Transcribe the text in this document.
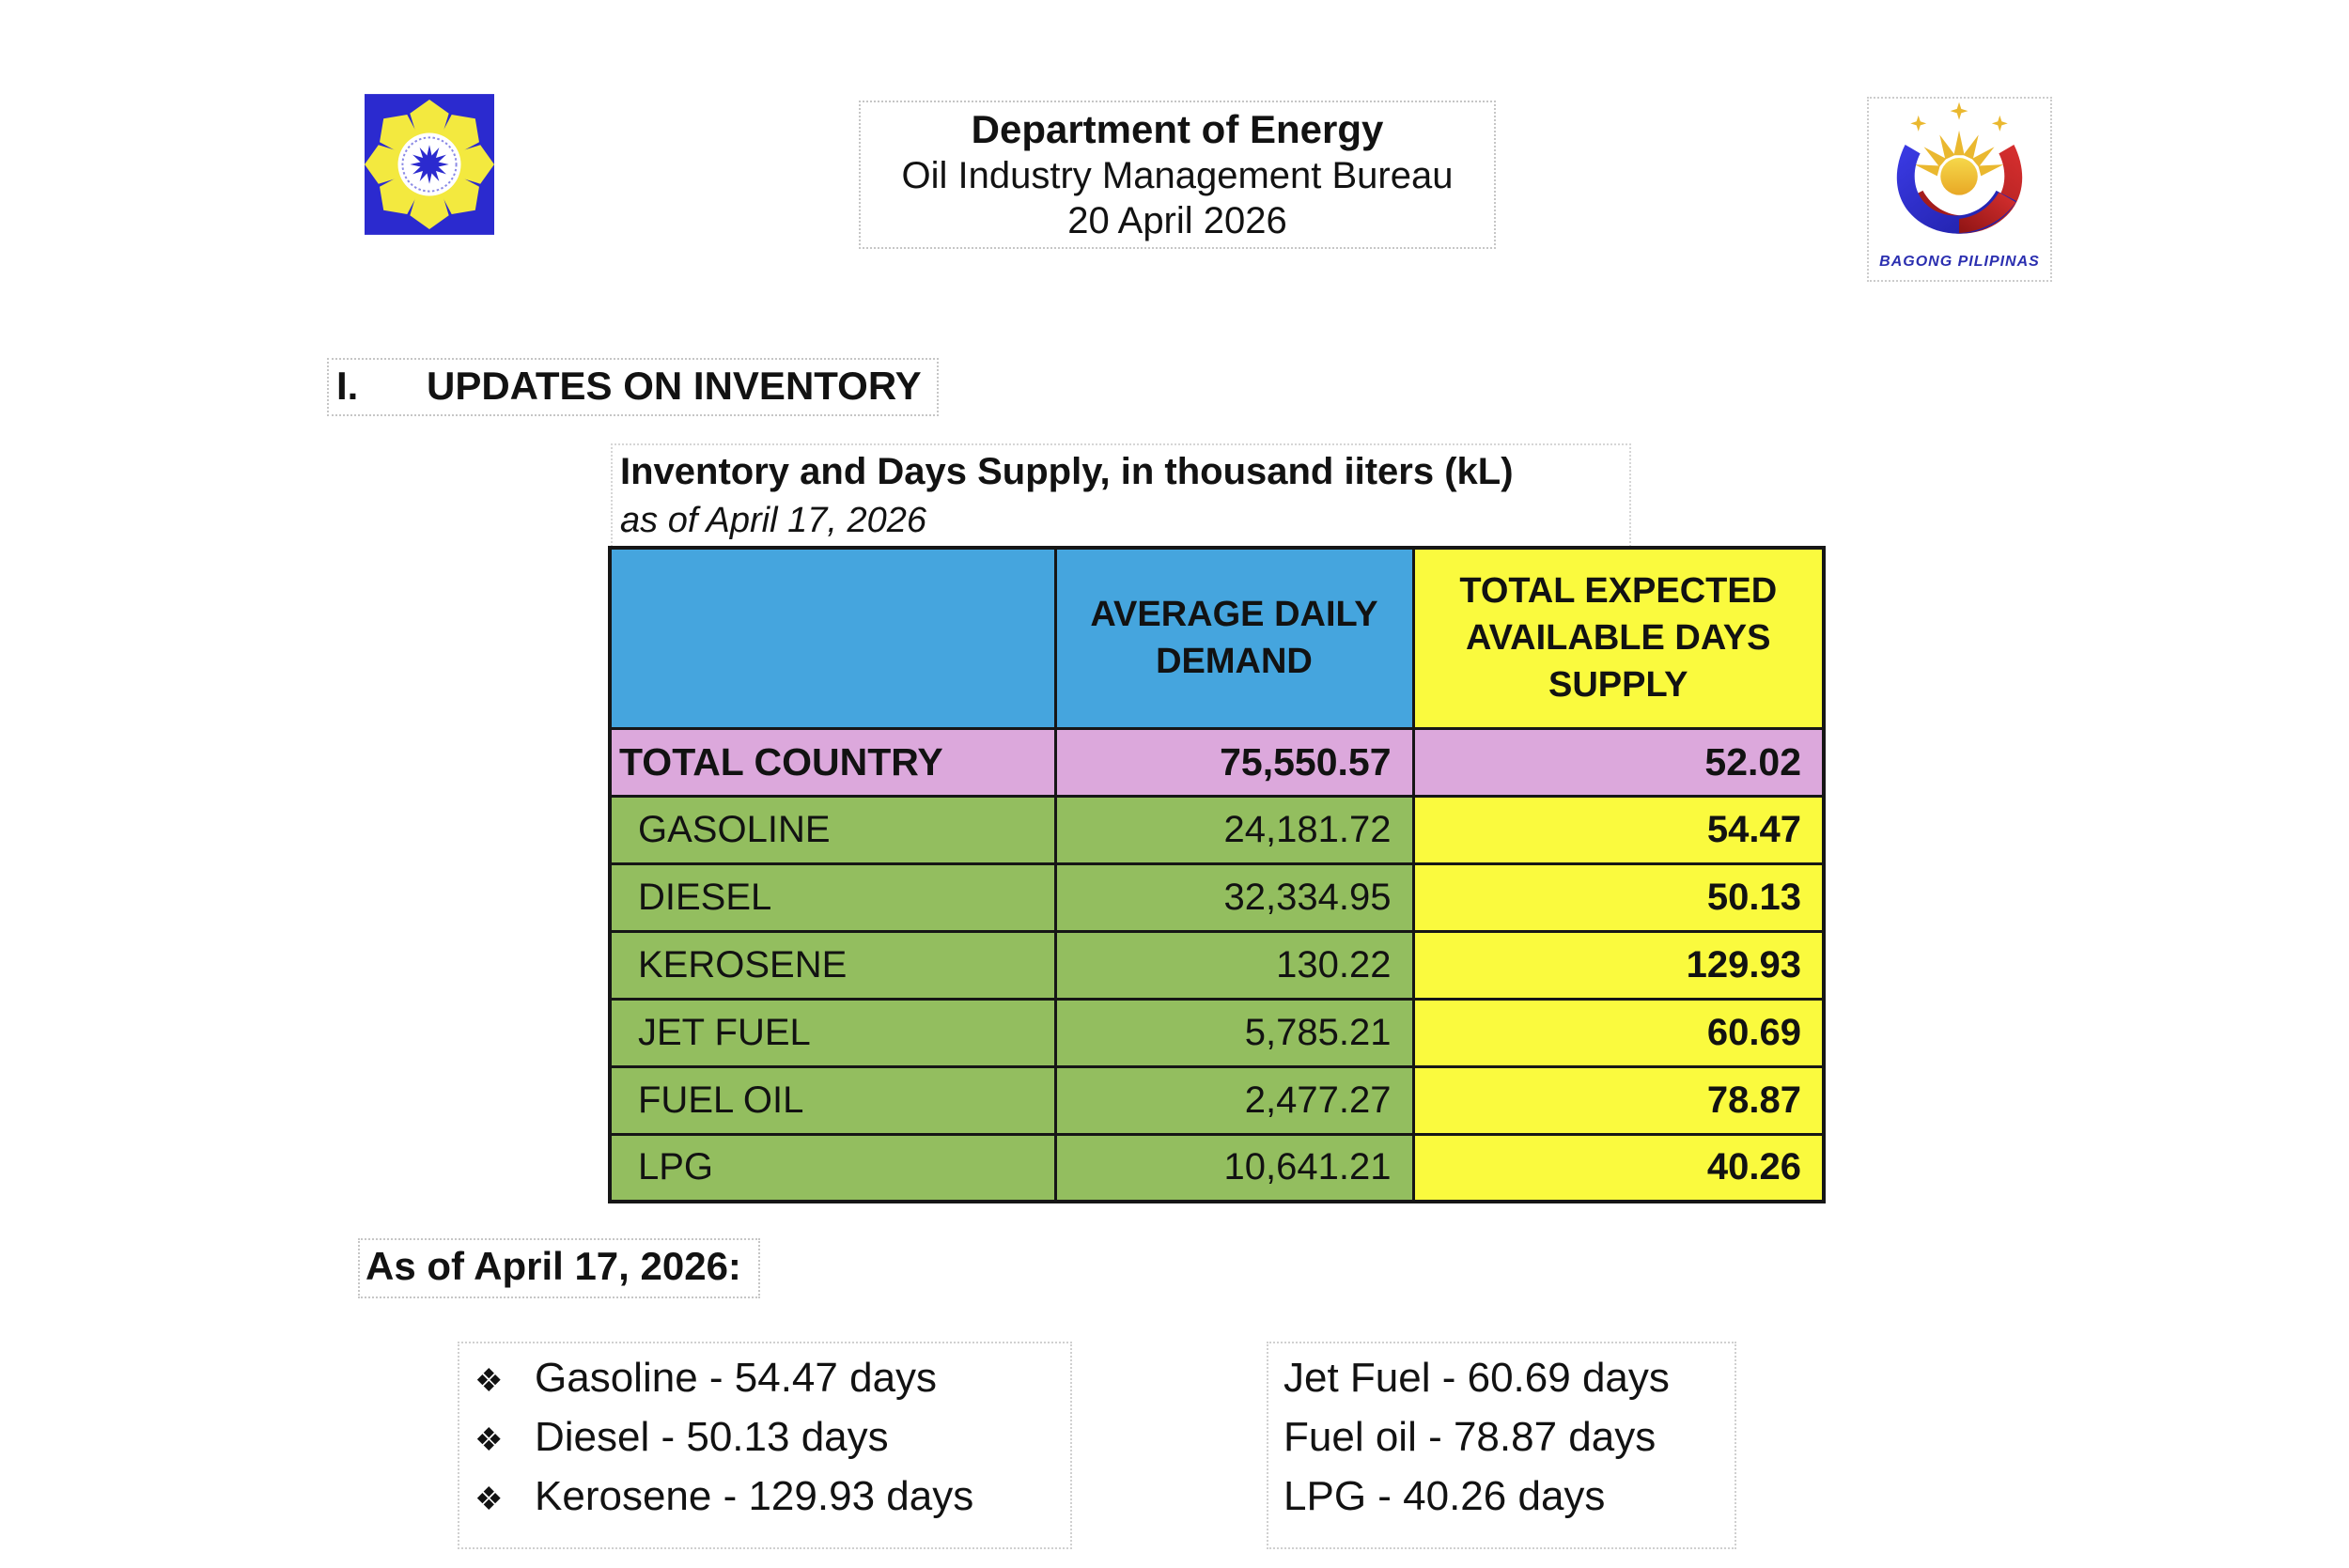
Department of Energy
Oil Industry Management Bureau
20 April 2026
BAGONG PILIPINAS
I.	UPDATES ON INVENTORY
Inventory and Days Supply, in thousand iiters (kL)
as of April 17, 2026
	AVERAGE DAILY DEMAND	TOTAL EXPECTED AVAILABLE DAYS SUPPLY
TOTAL COUNTRY	75,550.57	52.02
GASOLINE	24,181.72	54.47
DIESEL	32,334.95	50.13
KEROSENE	130.22	129.93
JET FUEL	5,785.21	60.69
FUEL OIL	2,477.27	78.87
LPG	10,641.21	40.26
As of April 17, 2026:
❖ Gasoline - 54.47 days
❖ Diesel - 50.13 days
❖ Kerosene - 129.93 days
Jet Fuel - 60.69 days
Fuel oil - 78.87 days
LPG - 40.26 days
